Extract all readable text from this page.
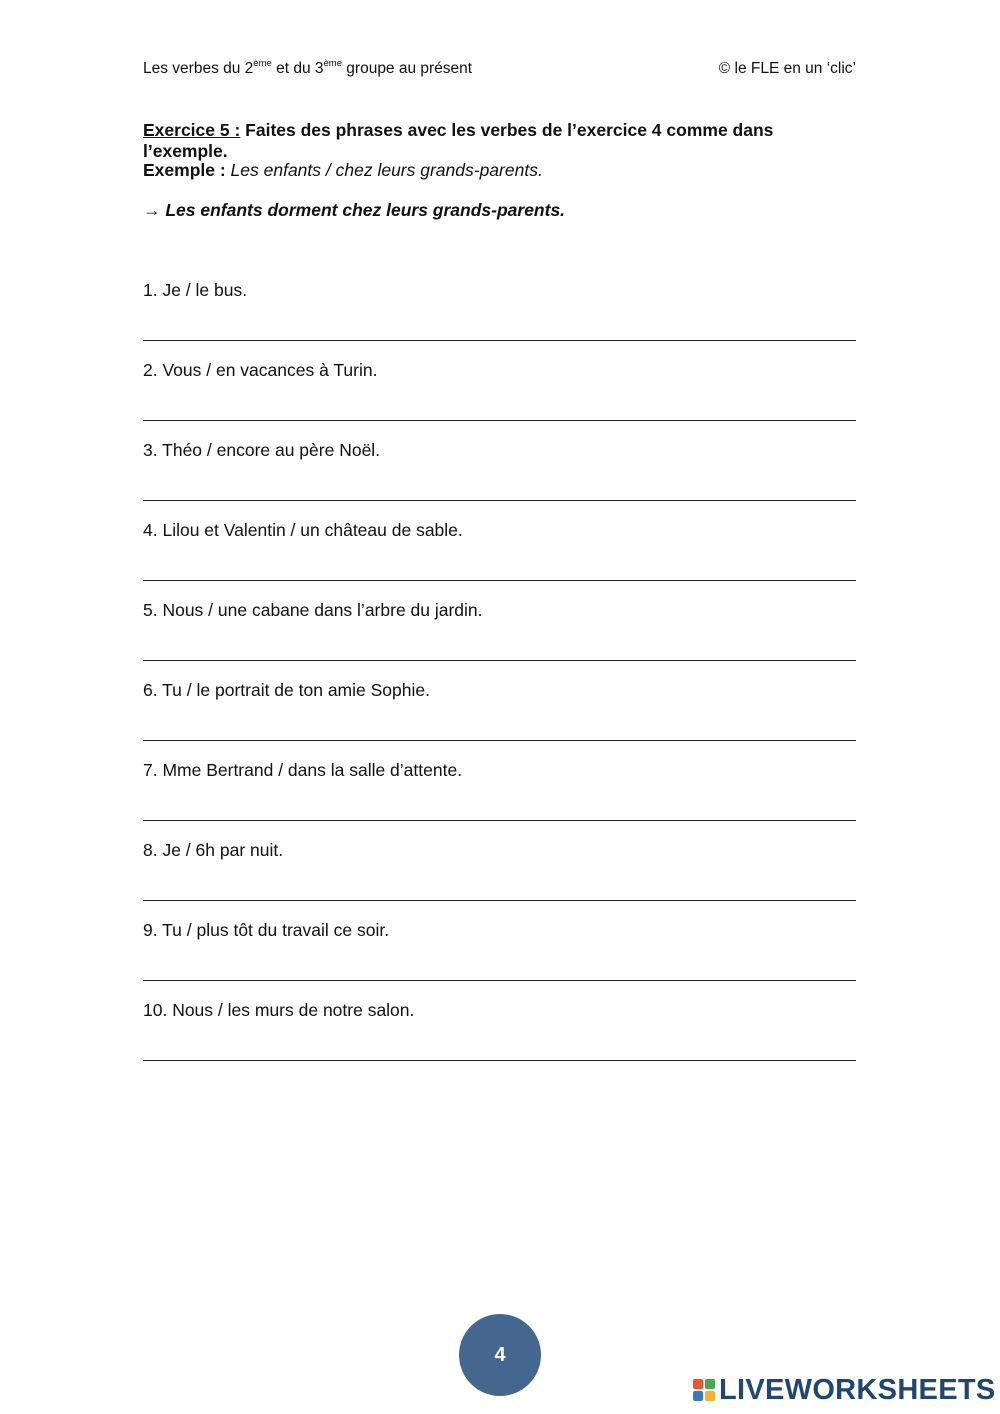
Les verbes du 2ème et du 3ème groupe au présent	© le FLE en un ‘clic’
Exercice 5 : Faites des phrases avec les verbes de l’exercice 4 comme dans l’exemple.
Exemple : Les enfants / chez leurs grands-parents.
→ Les enfants dorment chez leurs grands-parents.
1. Je / le bus.
2. Vous / en vacances à Turin.
3. Théo / encore au père Noël.
4. Lilou et Valentin / un château de sable.
5. Nous / une cabane dans l’arbre du jardin.
6. Tu / le portrait de ton amie Sophie.
7. Mme Bertrand / dans la salle d’attente.
8. Je / 6h par nuit.
9. Tu / plus tôt du travail ce soir.
10. Nous / les murs de notre salon.
4
LIVEWORKSHEETS
